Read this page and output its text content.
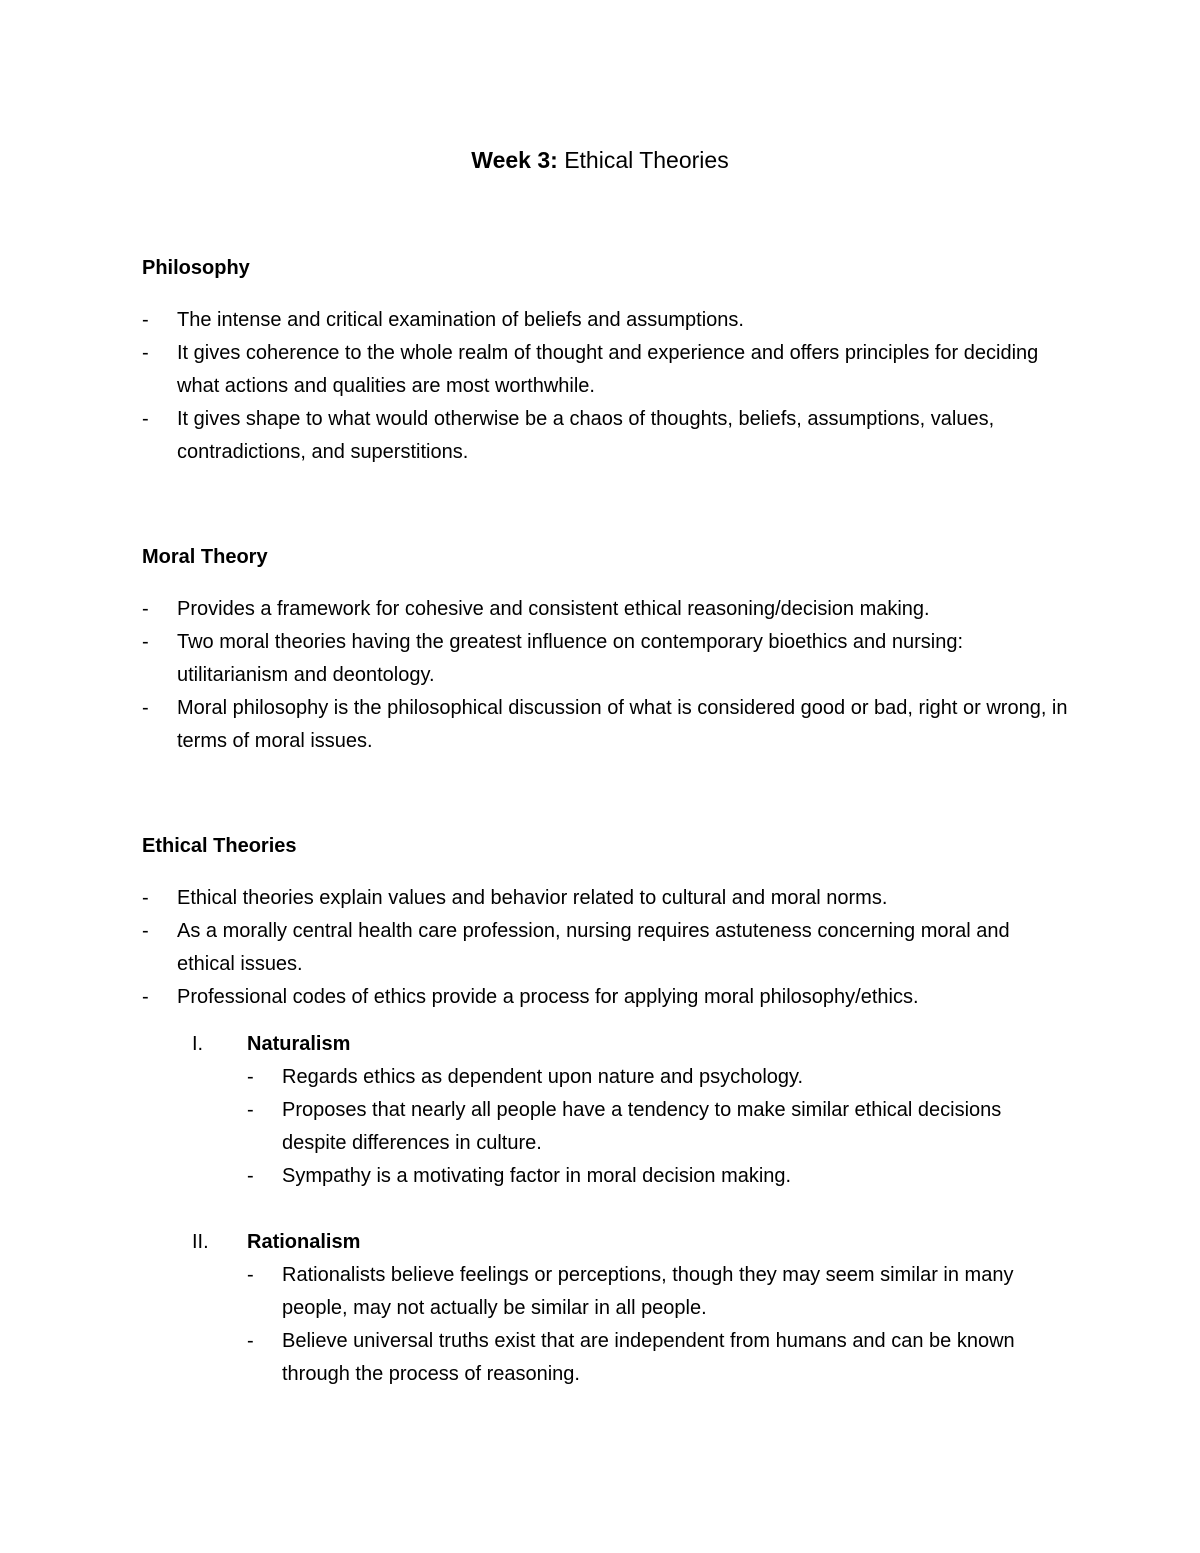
Week 3: Ethical Theories
Philosophy
- The intense and critical examination of beliefs and assumptions.
- It gives coherence to the whole realm of thought and experience and offers principles for deciding what actions and qualities are most worthwhile.
- It gives shape to what would otherwise be a chaos of thoughts, beliefs, assumptions, values, contradictions, and superstitions.
Moral Theory
- Provides a framework for cohesive and consistent ethical reasoning/decision making.
- Two moral theories having the greatest influence on contemporary bioethics and nursing: utilitarianism and deontology.
- Moral philosophy is the philosophical discussion of what is considered good or bad, right or wrong, in terms of moral issues.
Ethical Theories
- Ethical theories explain values and behavior related to cultural and moral norms.
- As a morally central health care profession, nursing requires astuteness concerning moral and ethical issues.
- Professional codes of ethics provide a process for applying moral philosophy/ethics.
I. Naturalism
- Regards ethics as dependent upon nature and psychology.
- Proposes that nearly all people have a tendency to make similar ethical decisions despite differences in culture.
- Sympathy is a motivating factor in moral decision making.
II. Rationalism
- Rationalists believe feelings or perceptions, though they may seem similar in many people, may not actually be similar in all people.
- Believe universal truths exist that are independent from humans and can be known through the process of reasoning.
